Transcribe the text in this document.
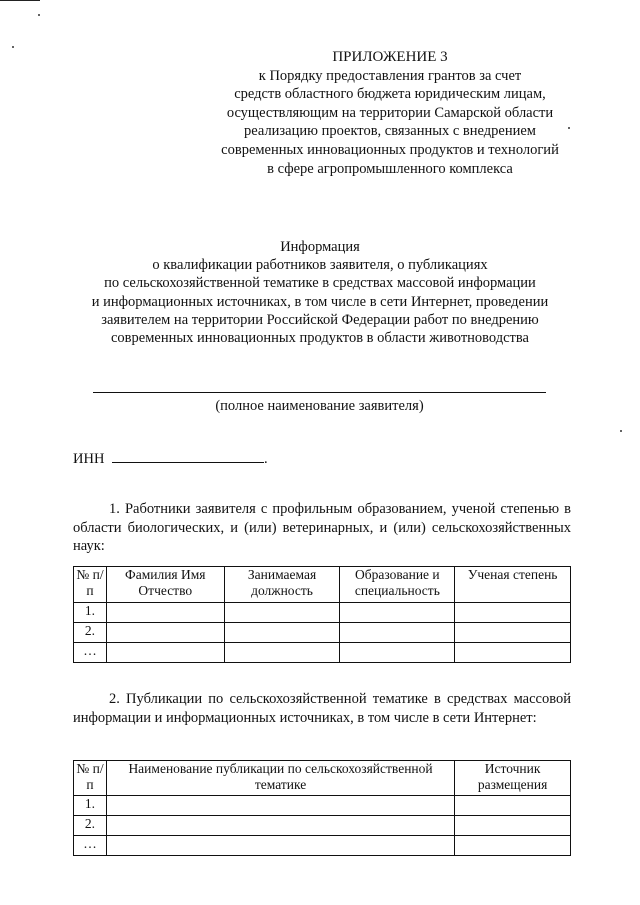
ПРИЛОЖЕНИЕ 3
к Порядку предоставления грантов за счет
средств областного бюджета юридическим лицам,
осуществляющим на территории Самарской области
реализацию проектов, связанных с внедрением
современных инновационных продуктов и технологий
в сфере агропромышленного комплекса
Информация
о квалификации работников заявителя, о публикациях
по сельскохозяйственной тематике в средствах массовой информации
и информационных источниках, в том числе в сети Интернет, проведении
заявителем на территории Российской Федерации работ по внедрению
современных инновационных продуктов в области животноводства
(полное наименование заявителя)
ИНН	.
1. Работники заявителя с профильным образованием, ученой степенью в области биологических, и (или) ветеринарных, и (или) сельскохозяйственных наук:
№ п/п	Фамилия Имя Отчество	Занимаемая должность	Образование и специальность	Ученая степень
1.				
2.				
…				
2. Публикации по сельскохозяйственной тематике в средствах массовой информации и информационных источниках, в том числе в сети Интернет:
№ п/п	Наименование публикации по сельскохозяйственной тематике	Источник размещения
1.		
2.		
…		
